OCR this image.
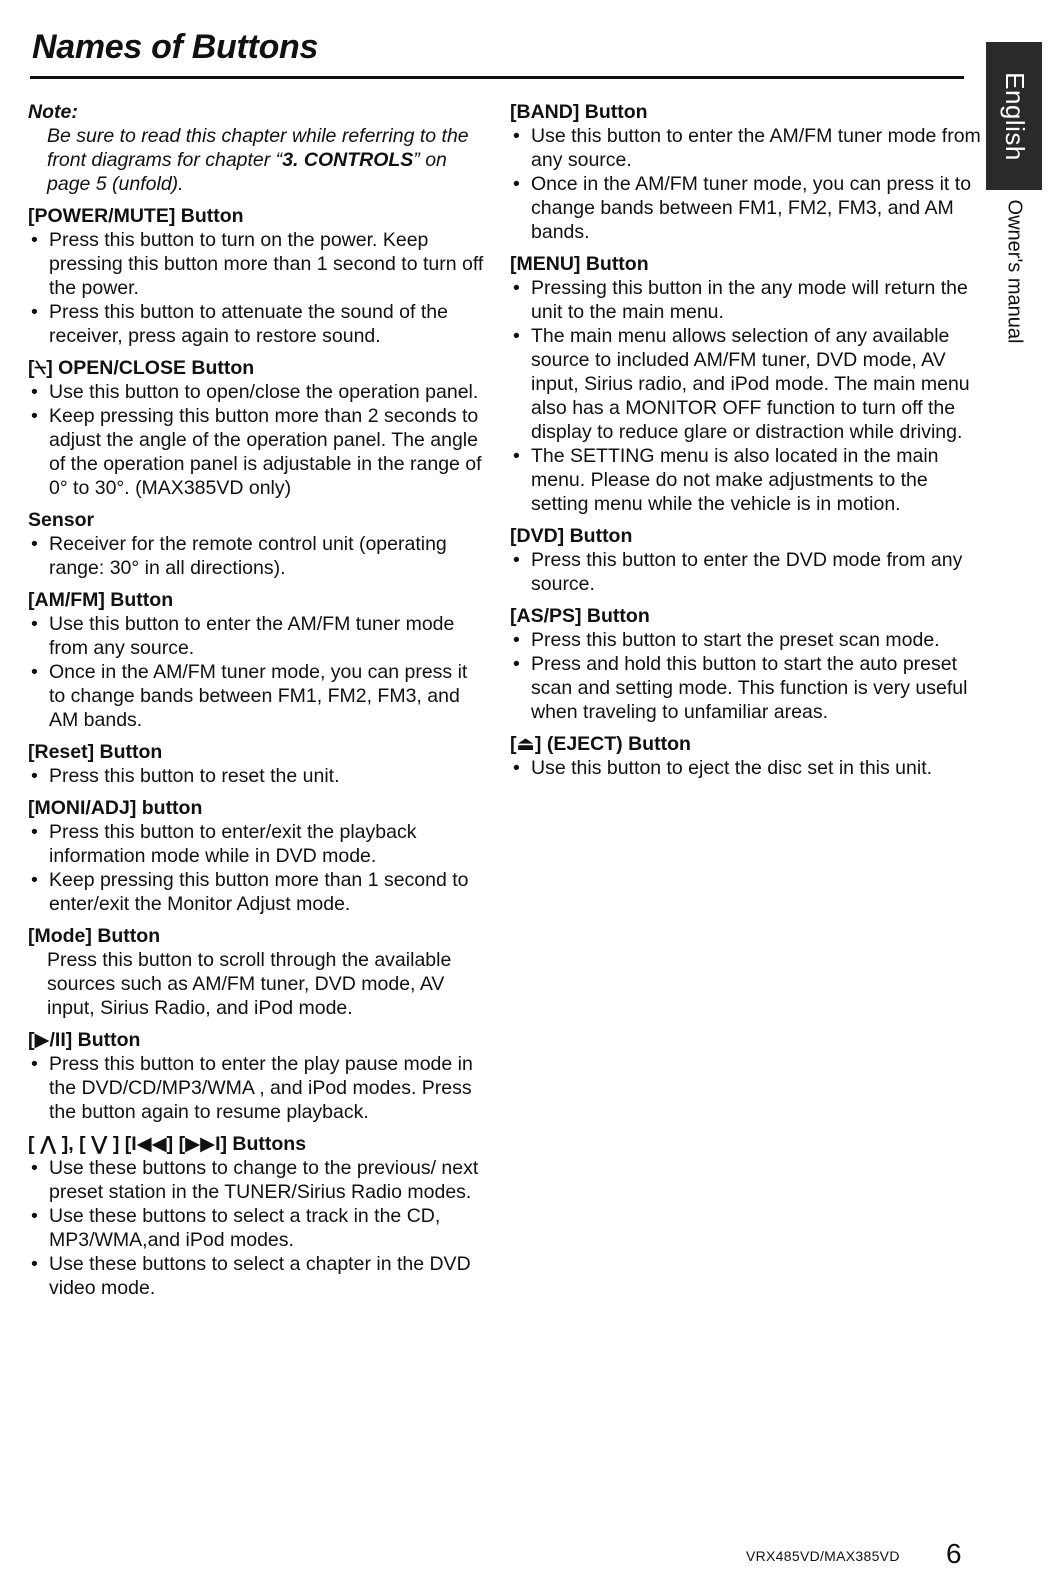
Names of Buttons
English
Owner's manual
Note:
Be sure to read this chapter while referring to the front diagrams for chapter “3. CONTROLS” on page 5 (unfold).
[POWER/MUTE] Button
• Press this button to turn on the power. Keep pressing this button more than 1 second to turn off the power.
• Press this button to attenuate the sound of the receiver, press again to restore sound.
[⍀] OPEN/CLOSE Button
• Use this button to open/close the operation panel.
• Keep pressing this button more than 2 seconds to adjust the angle of the operation panel. The angle of the operation panel is adjustable in the range of 0° to 30°. (MAX385VD only)
Sensor
• Receiver for the remote control unit (operating range: 30° in all directions).
[AM/FM] Button
• Use this button to enter the AM/FM tuner mode from any source.
• Once in the AM/FM tuner mode, you can press it to change bands between FM1, FM2, FM3, and AM bands.
[Reset] Button
• Press this button to reset the unit.
[MONI/ADJ] button
• Press this button to enter/exit the playback information mode while in DVD mode.
• Keep pressing this button more than 1 second to enter/exit the Monitor Adjust mode.
[Mode] Button
Press this button to scroll through the available sources such as AM/FM tuner, DVD mode, AV input, Sirius Radio, and iPod mode.
[▶/II] Button
• Press this button to enter the play pause mode in the DVD/CD/MP3/WMA , and iPod modes. Press the button again to resume playback.
[ ⋀ ], [ ⋁ ] [I◀◀] [▶▶I] Buttons
• Use these buttons to change to the previous/ next preset station in the TUNER/Sirius Radio modes.
• Use these buttons to select a track in the CD, MP3/WMA,and iPod modes.
• Use these buttons to select a chapter in the DVD video mode.
[BAND] Button
• Use this button to enter the AM/FM tuner mode from any source.
• Once in the AM/FM tuner mode, you can press it to change bands between FM1, FM2, FM3, and AM bands.
[MENU] Button
• Pressing this button in the any mode will return the unit to the main menu.
• The main menu allows selection of any available source to included AM/FM tuner, DVD mode, AV input, Sirius radio, and iPod mode. The main menu also has a MONITOR OFF function to turn off the display to reduce glare or distraction while driving.
• The SETTING menu is also located in the main menu. Please do not make adjustments to the setting menu while the vehicle is in motion.
[DVD] Button
• Press this button to enter the DVD mode from any source.
[AS/PS] Button
• Press this button to start the preset scan mode.
• Press and hold this button to start the auto preset scan and setting mode. This function is very useful when traveling to unfamiliar areas.
[⏏] (EJECT) Button
• Use this button to eject the disc set in this unit.
VRX485VD/MAX385VD 6
